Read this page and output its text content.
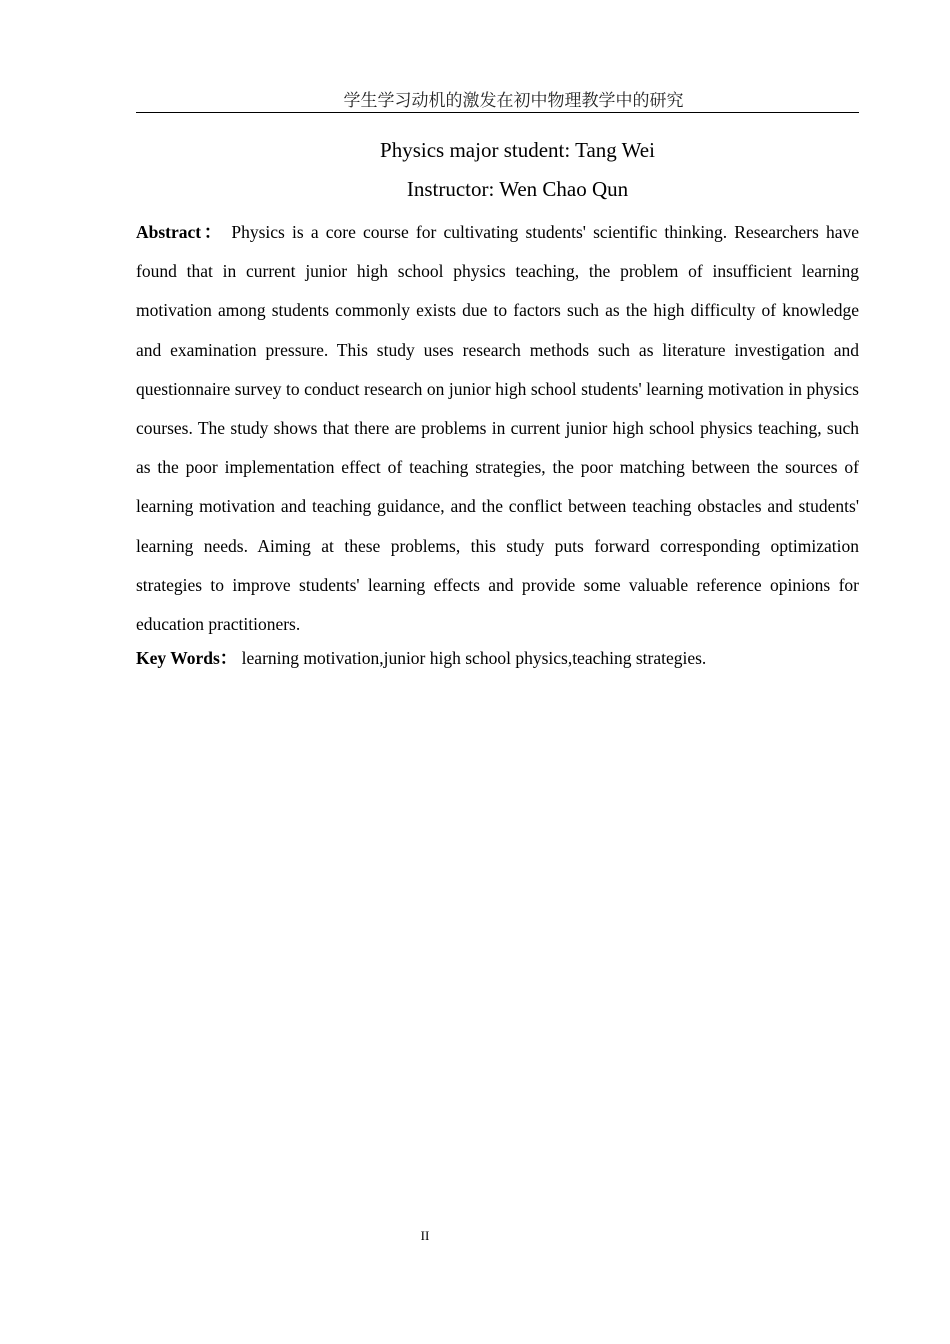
学生学习动机的激发在初中物理教学中的研究
Physics major student: Tang Wei
Instructor: Wen Chao Qun

Abstract： Physics is a core course for cultivating students' scientific thinking. Researchers have found that in current junior high school physics teaching, the problem of insufficient learning motivation among students commonly exists due to factors such as the high difficulty of knowledge and examination pressure. This study uses research methods such as literature investigation and questionnaire survey to conduct research on junior high school students' learning motivation in physics courses. The study shows that there are problems in current junior high school physics teaching, such as the poor implementation effect of teaching strategies, the poor matching between the sources of learning motivation and teaching guidance, and the conflict between teaching obstacles and students' learning needs. Aiming at these problems, this study puts forward corresponding optimization strategies to improve students' learning effects and provide some valuable reference opinions for education practitioners.

Key Words： learning motivation,junior high school physics,teaching strategies.

II
